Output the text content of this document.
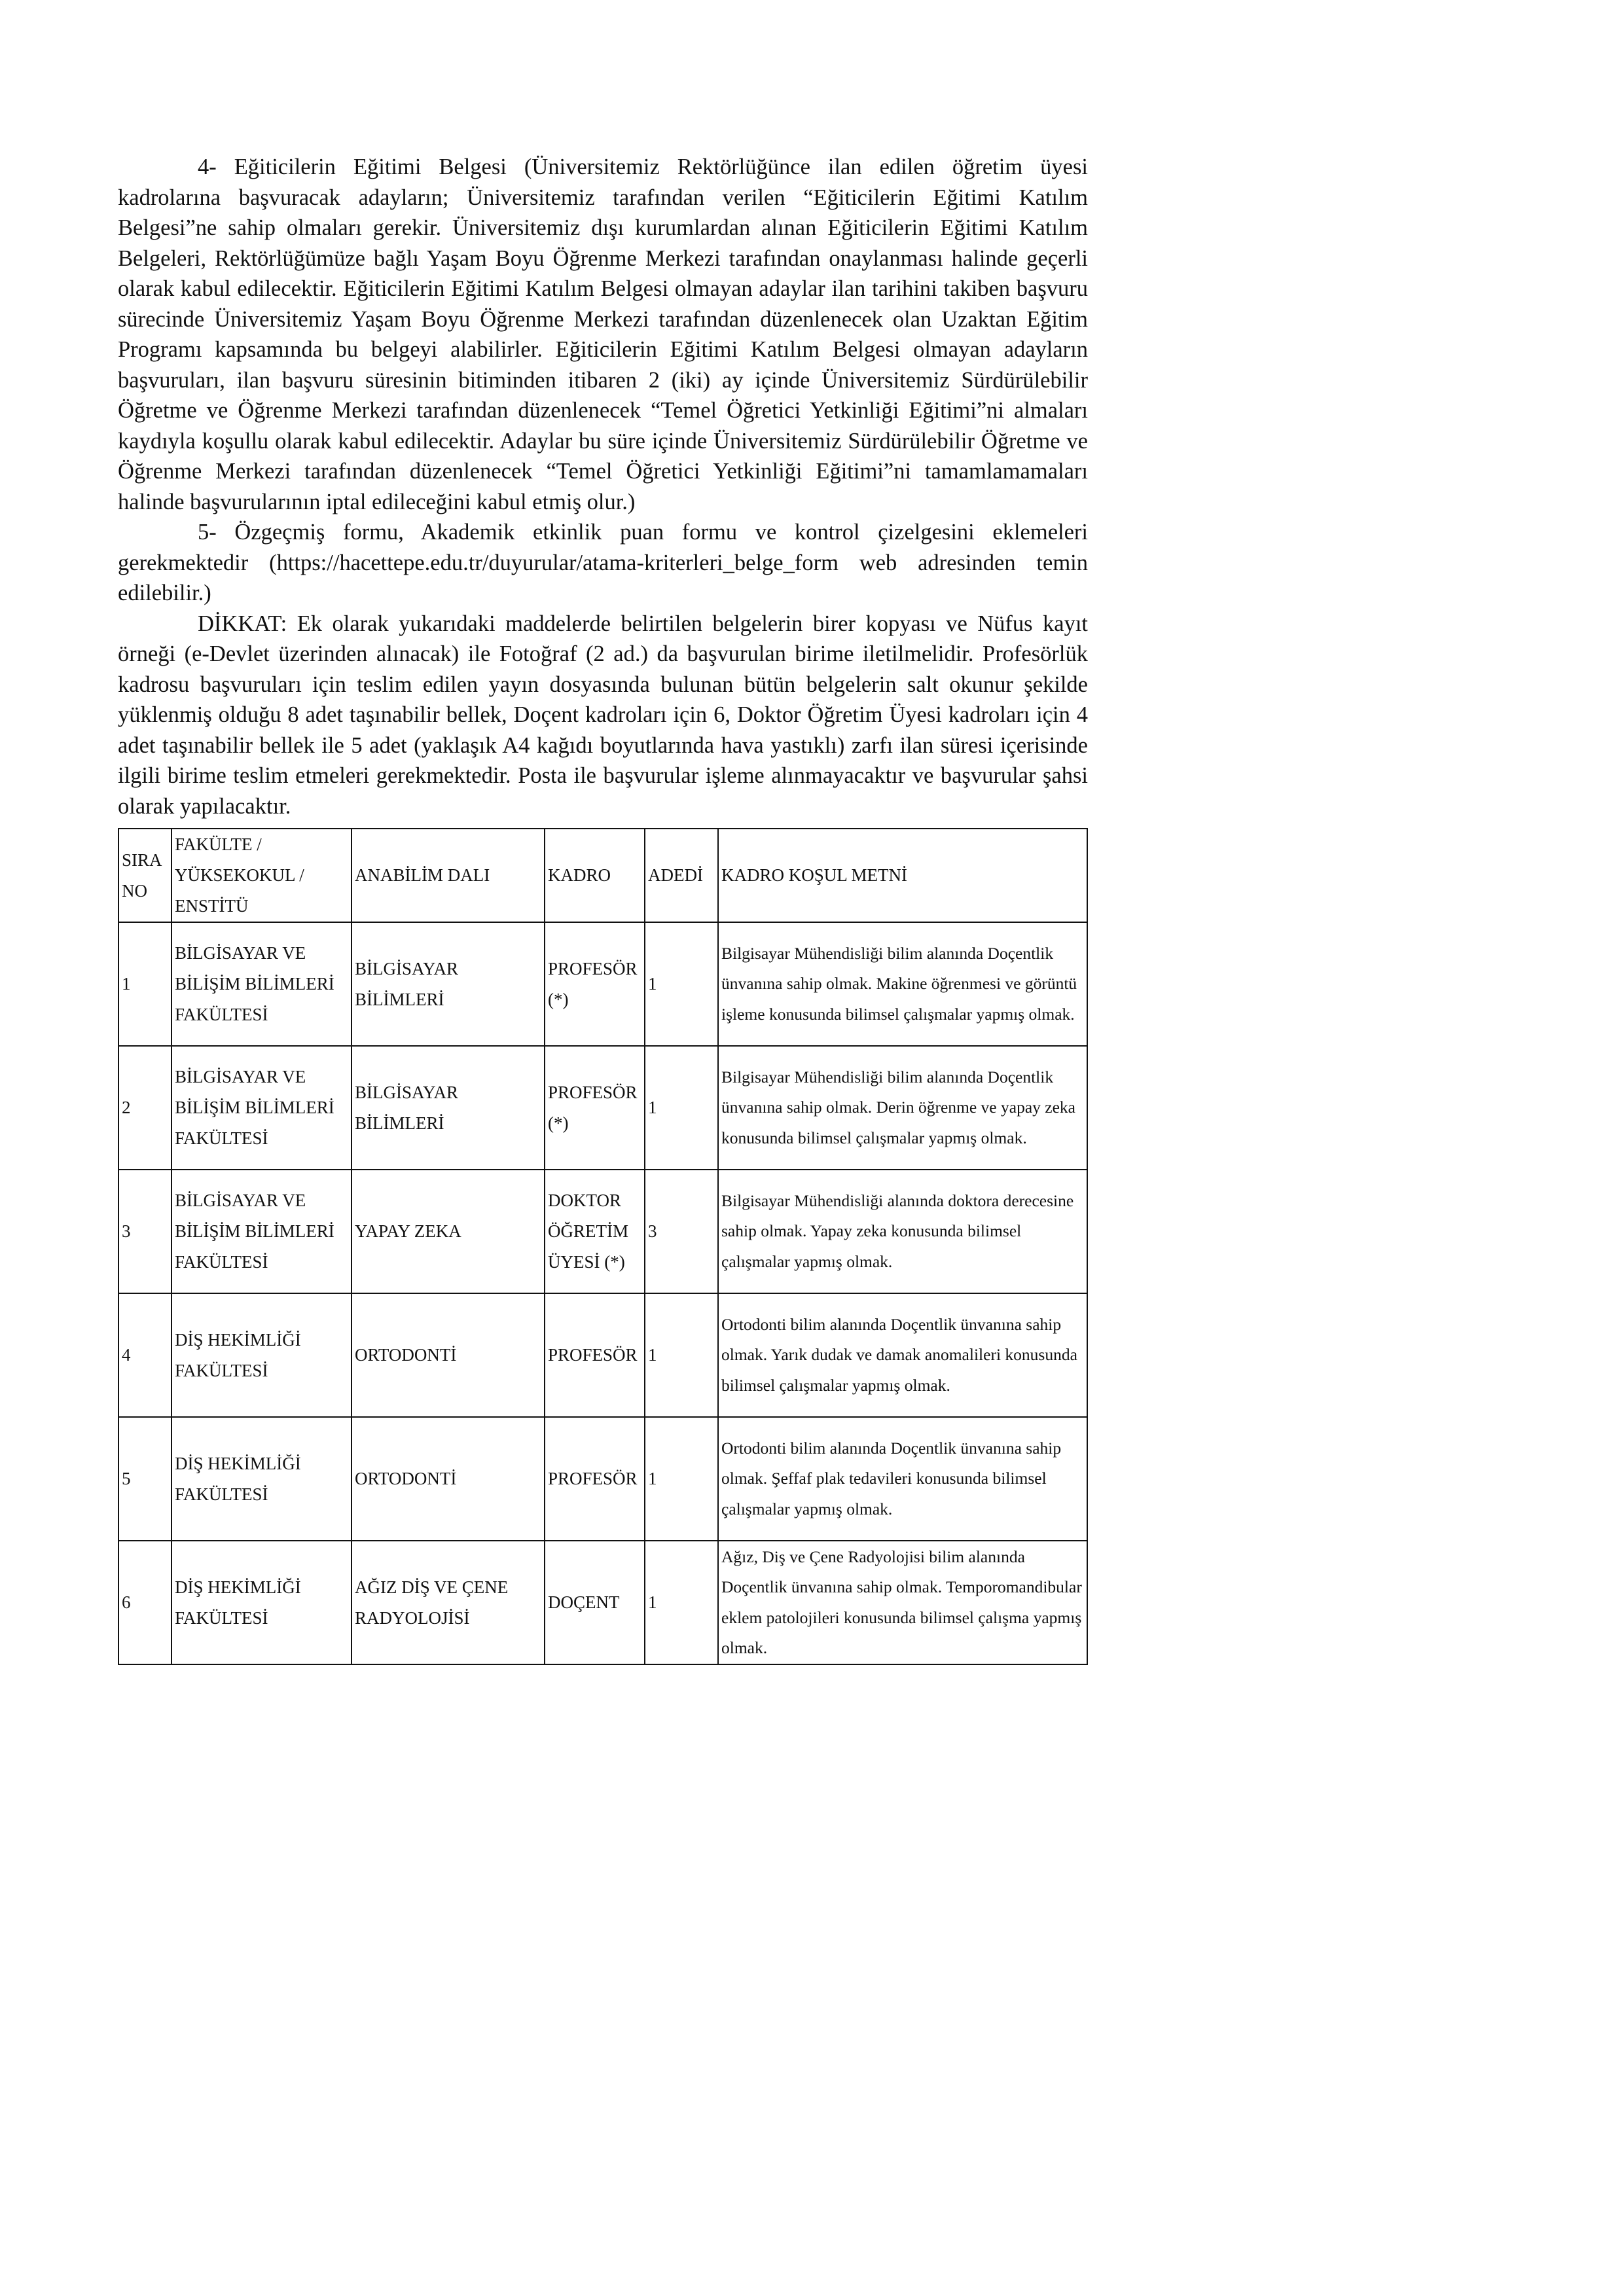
4- Eğiticilerin Eğitimi Belgesi (Üniversitemiz Rektörlüğünce ilan edilen öğretim üyesi kadrolarına başvuracak adayların; Üniversitemiz tarafından verilen “Eğiticilerin Eğitimi Katılım Belgesi”ne sahip olmaları gerekir. Üniversitemiz dışı kurumlardan alınan Eğiticilerin Eğitimi Katılım Belgeleri, Rektörlüğümüze bağlı Yaşam Boyu Öğrenme Merkezi tarafından onaylanması halinde geçerli olarak kabul edilecektir. Eğiticilerin Eğitimi Katılım Belgesi olmayan adaylar ilan tarihini takiben başvuru sürecinde Üniversitemiz Yaşam Boyu Öğrenme Merkezi tarafından düzenlenecek olan Uzaktan Eğitim Programı kapsamında bu belgeyi alabilirler. Eğiticilerin Eğitimi Katılım Belgesi olmayan adayların başvuruları, ilan başvuru süresinin bitiminden itibaren 2 (iki) ay içinde Üniversitemiz Sürdürülebilir Öğretme ve Öğrenme Merkezi tarafından düzenlenecek “Temel Öğretici Yetkinliği Eğitimi”ni almaları kaydıyla koşullu olarak kabul edilecektir. Adaylar bu süre içinde Üniversitemiz Sürdürülebilir Öğretme ve Öğrenme Merkezi tarafından düzenlenecek “Temel Öğretici Yetkinliği Eğitimi”ni tamamlamamaları halinde başvurularının iptal edileceğini kabul etmiş olur.)

5- Özgeçmiş formu, Akademik etkinlik puan formu ve kontrol çizelgesini eklemeleri gerekmektedir (https://hacettepe.edu.tr/duyurular/atama-kriterleri_belge_form web adresinden temin edilebilir.)

DİKKAT: Ek olarak yukarıdaki maddelerde belirtilen belgelerin birer kopyası ve Nüfus kayıt örneği (e-Devlet üzerinden alınacak) ile Fotoğraf (2 ad.) da başvurulan birime iletilmelidir. Profesörlük kadrosu başvuruları için teslim edilen yayın dosyasında bulunan bütün belgelerin salt okunur şekilde yüklenmiş olduğu 8 adet taşınabilir bellek, Doçent kadroları için 6, Doktor Öğretim Üyesi kadroları için 4 adet taşınabilir bellek ile 5 adet (yaklaşık A4 kağıdı boyutlarında hava yastıklı) zarfı ilan süresi içerisinde ilgili birime teslim etmeleri gerekmektedir. Posta ile başvurular işleme alınmayacaktır ve başvurular şahsi olarak yapılacaktır.

SIRA NO	FAKÜLTE / YÜKSEKOKUL / ENSTİTÜ	ANABİLİM DALI	KADRO	ADEDİ	KADRO KOŞUL METNİ
1	BİLGİSAYAR VE BİLİŞİM BİLİMLERİ FAKÜLTESİ	BİLGİSAYAR BİLİMLERİ	PROFESÖR (*)	1	Bilgisayar Mühendisliği bilim alanında Doçentlik ünvanına sahip olmak. Makine öğrenmesi ve görüntü işleme konusunda bilimsel çalışmalar yapmış olmak.
2	BİLGİSAYAR VE BİLİŞİM BİLİMLERİ FAKÜLTESİ	BİLGİSAYAR BİLİMLERİ	PROFESÖR (*)	1	Bilgisayar Mühendisliği bilim alanında Doçentlik ünvanına sahip olmak. Derin öğrenme ve yapay zeka konusunda bilimsel çalışmalar yapmış olmak.
3	BİLGİSAYAR VE BİLİŞİM BİLİMLERİ FAKÜLTESİ	YAPAY ZEKA	DOKTOR ÖĞRETİM ÜYESİ (*)	3	Bilgisayar Mühendisliği alanında doktora derecesine sahip olmak. Yapay zeka konusunda bilimsel çalışmalar yapmış olmak.
4	DİŞ HEKİMLİĞİ FAKÜLTESİ	ORTODONTİ	PROFESÖR	1	Ortodonti bilim alanında Doçentlik ünvanına sahip olmak. Yarık dudak ve damak anomalileri konusunda bilimsel çalışmalar yapmış olmak.
5	DİŞ HEKİMLİĞİ FAKÜLTESİ	ORTODONTİ	PROFESÖR	1	Ortodonti bilim alanında Doçentlik ünvanına sahip olmak. Şeffaf plak tedavileri konusunda bilimsel çalışmalar yapmış olmak.
6	DİŞ HEKİMLİĞİ FAKÜLTESİ	AĞIZ DİŞ VE ÇENE RADYOLOJİSİ	DOÇENT	1	Ağız, Diş ve Çene Radyolojisi bilim alanında Doçentlik ünvanına sahip olmak. Temporomandibular eklem patolojileri konusunda bilimsel çalışma yapmış olmak.
